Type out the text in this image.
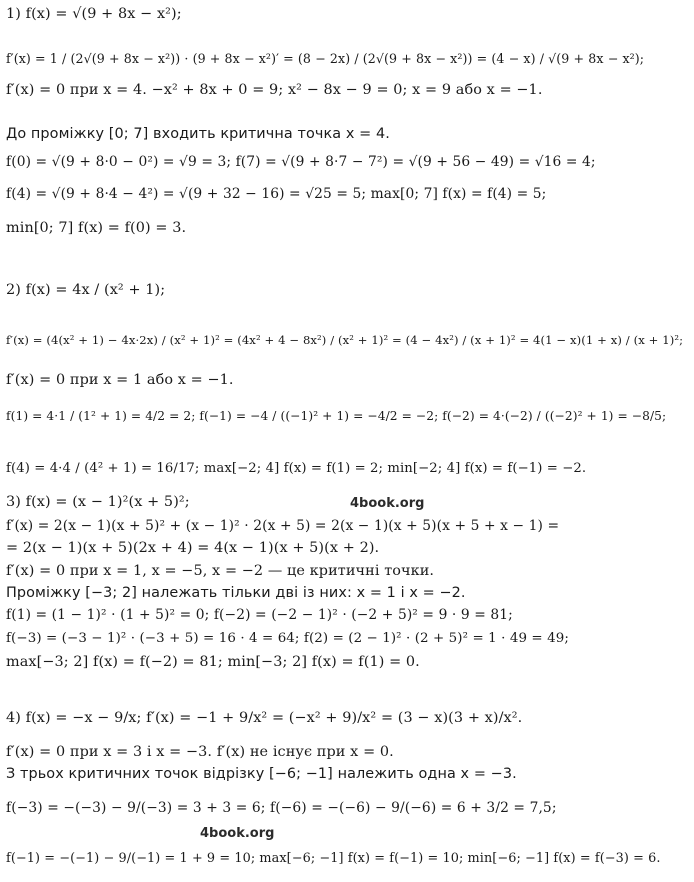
1) f(x) = √(9 + 8x − x²);
f′(x) = 1 / (2√(9 + 8x − x²)) · (9 + 8x − x²)′ = (8 − 2x) / (2√(9 + 8x − x²)) = (4 − x) / √(9 + 8x − x²);
f′(x) = 0 при x = 4. −x² + 8x + 0 = 9; x² − 8x − 9 = 0; x = 9 або x = −1.
До проміжку [0; 7] входить критична точка x = 4.
f(0) = √(9 + 8·0 − 0²) = √9 = 3; f(7) = √(9 + 8·7 − 7²) = √(9 + 56 − 49) = √16 = 4;
f(4) = √(9 + 8·4 − 4²) = √(9 + 32 − 16) = √25 = 5; max[0; 7] f(x) = f(4) = 5;
min[0; 7] f(x) = f(0) = 3.
2) f(x) = 4x / (x² + 1);
f′(x) = (4(x² + 1) − 4x·2x) / (x² + 1)² = (4x² + 4 − 8x²) / (x² + 1)² = (4 − 4x²) / (x + 1)² = 4(1 − x)(1 + x) / (x + 1)²;
f′(x) = 0 при x = 1 або x = −1.
f(1) = 4·1 / (1² + 1) = 4/2 = 2; f(−1) = −4 / ((−1)² + 1) = −4/2 = −2; f(−2) = 4·(−2) / ((−2)² + 1) = −8/5;
f(4) = 4·4 / (4² + 1) = 16/17; max[−2; 4] f(x) = f(1) = 2; min[−2; 4] f(x) = f(−1) = −2.
3) f(x) = (x − 1)²(x + 5)²;	4book.org
f′(x) = 2(x − 1)(x + 5)² + (x − 1)² · 2(x + 5) = 2(x − 1)(x + 5)(x + 5 + x − 1) =
= 2(x − 1)(x + 5)(2x + 4) = 4(x − 1)(x + 5)(x + 2).
f′(x) = 0 при x = 1, x = −5, x = −2 — це критичні точки.
Проміжку [−3; 2] належать тільки дві із них: x = 1 і x = −2.
f(1) = (1 − 1)² · (1 + 5)² = 0; f(−2) = (−2 − 1)² · (−2 + 5)² = 9 · 9 = 81;
f(−3) = (−3 − 1)² · (−3 + 5) = 16 · 4 = 64; f(2) = (2 − 1)² · (2 + 5)² = 1 · 49 = 49;
max[−3; 2] f(x) = f(−2) = 81; min[−3; 2] f(x) = f(1) = 0.
4) f(x) = −x − 9/x; f′(x) = −1 + 9/x² = (−x² + 9)/x² = (3 − x)(3 + x)/x².
f′(x) = 0 при x = 3 і x = −3. f′(x) не існує при x = 0.
З трьох критичних точок відрізку [−6; −1] належить одна x = −3.
f(−3) = −(−3) − 9/(−3) = 3 + 3 = 6; f(−6) = −(−6) − 9/(−6) = 6 + 3/2 = 7,5;
4book.org
f(−1) = −(−1) − 9/(−1) = 1 + 9 = 10; max[−6; −1] f(x) = f(−1) = 10; min[−6; −1] f(x) = f(−3) = 6.
